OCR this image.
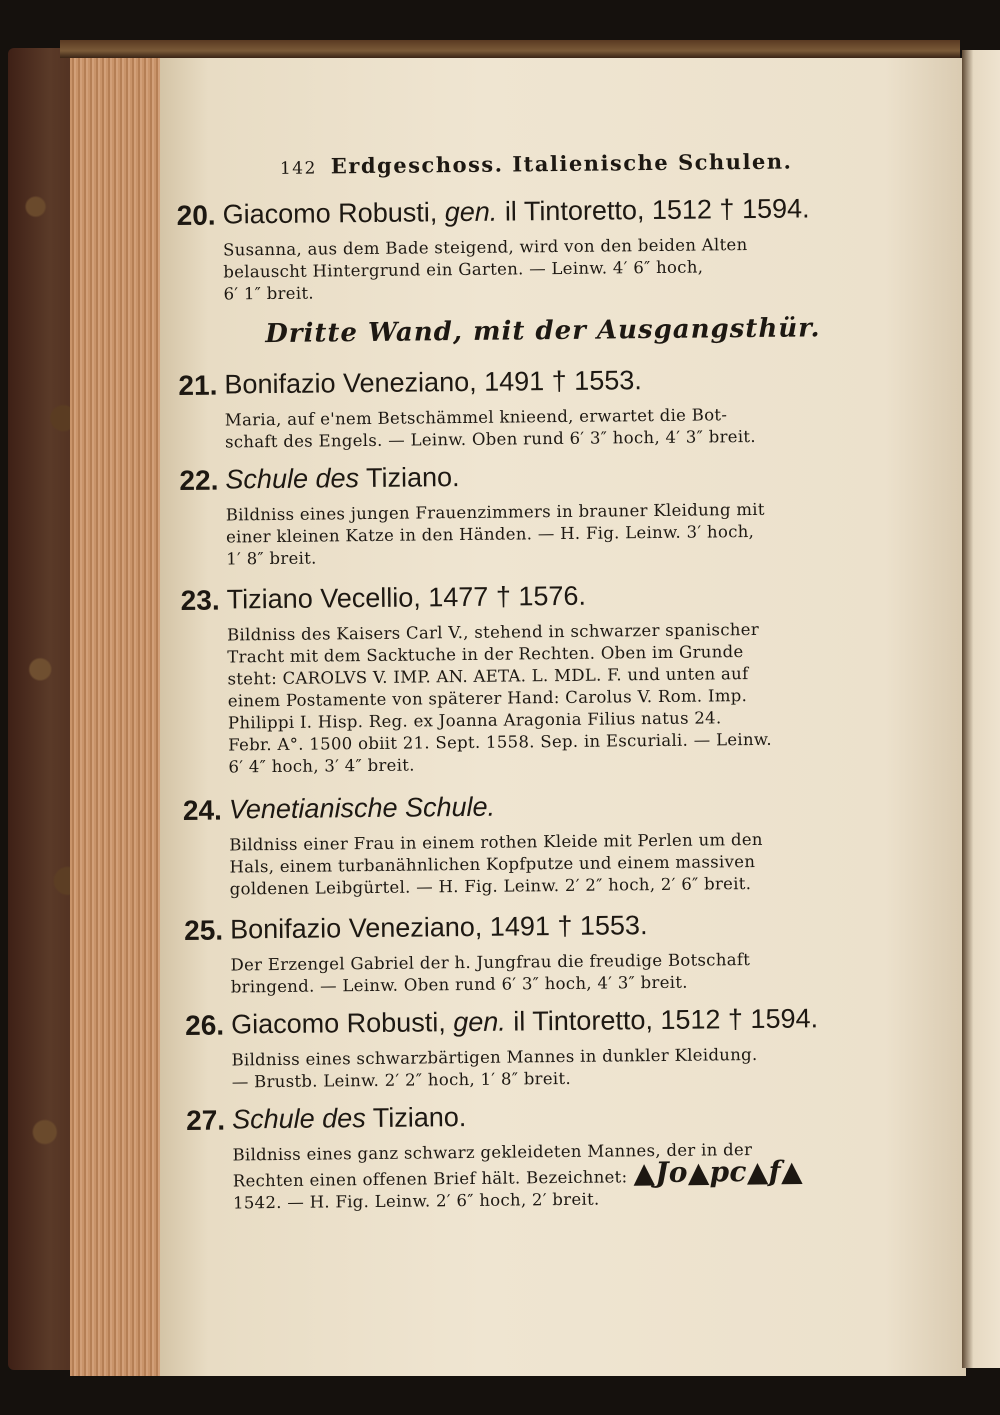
142 Erdgeschoss. Italienische Schulen.
20. Giacomo Robusti, gen. il Tintoretto, 1512 † 1594.
Susanna, aus dem Bade steigend, wird von den beiden Alten
belauscht Hintergrund ein Garten. — Leinw. 4′ 6″ hoch,
6′ 1″ breit.
Dritte Wand, mit der Ausgangsthür.
21. Bonifazio Veneziano, 1491 † 1553.
Maria, auf e'nem Betschämmel knieend, erwartet die Bot-
schaft des Engels. — Leinw. Oben rund 6′ 3″ hoch, 4′ 3″ breit.
22. Schule des Tiziano.
Bildniss eines jungen Frauenzimmers in brauner Kleidung mit
einer kleinen Katze in den Händen. — H. Fig. Leinw. 3′ hoch,
1′ 8″ breit.
23. Tiziano Vecellio, 1477 † 1576.
Bildniss des Kaisers Carl V., stehend in schwarzer spanischer
Tracht mit dem Sacktuche in der Rechten. Oben im Grunde
steht: CAROLVS V. IMP. AN. AETA. L. MDL. F. und unten auf
einem Postamente von späterer Hand: Carolus V. Rom. Imp.
Philippi I. Hisp. Reg. ex Joanna Aragonia Filius natus 24.
Febr. A°. 1500 obiit 21. Sept. 1558. Sep. in Escuriali. — Leinw.
6′ 4″ hoch, 3′ 4″ breit.
24. Venetianische Schule.
Bildniss einer Frau in einem rothen Kleide mit Perlen um den
Hals, einem turbanähnlichen Kopfputze und einem massiven
goldenen Leibgürtel. — H. Fig. Leinw. 2′ 2″ hoch, 2′ 6″ breit.
25. Bonifazio Veneziano, 1491 † 1553.
Der Erzengel Gabriel der h. Jungfrau die freudige Botschaft
bringend. — Leinw. Oben rund 6′ 3″ hoch, 4′ 3″ breit.
26. Giacomo Robusti, gen. il Tintoretto, 1512 † 1594.
Bildniss eines schwarzbärtigen Mannes in dunkler Kleidung.
— Brustb. Leinw. 2′ 2″ hoch, 1′ 8″ breit.
27. Schule des Tiziano.
Bildniss eines ganz schwarz gekleideten Mannes, der in der
Rechten einen offenen Brief hält. Bezeichnet: ▲Jo▲pc▲f▲
1542. — H. Fig. Leinw. 2′ 6″ hoch, 2′ breit.
